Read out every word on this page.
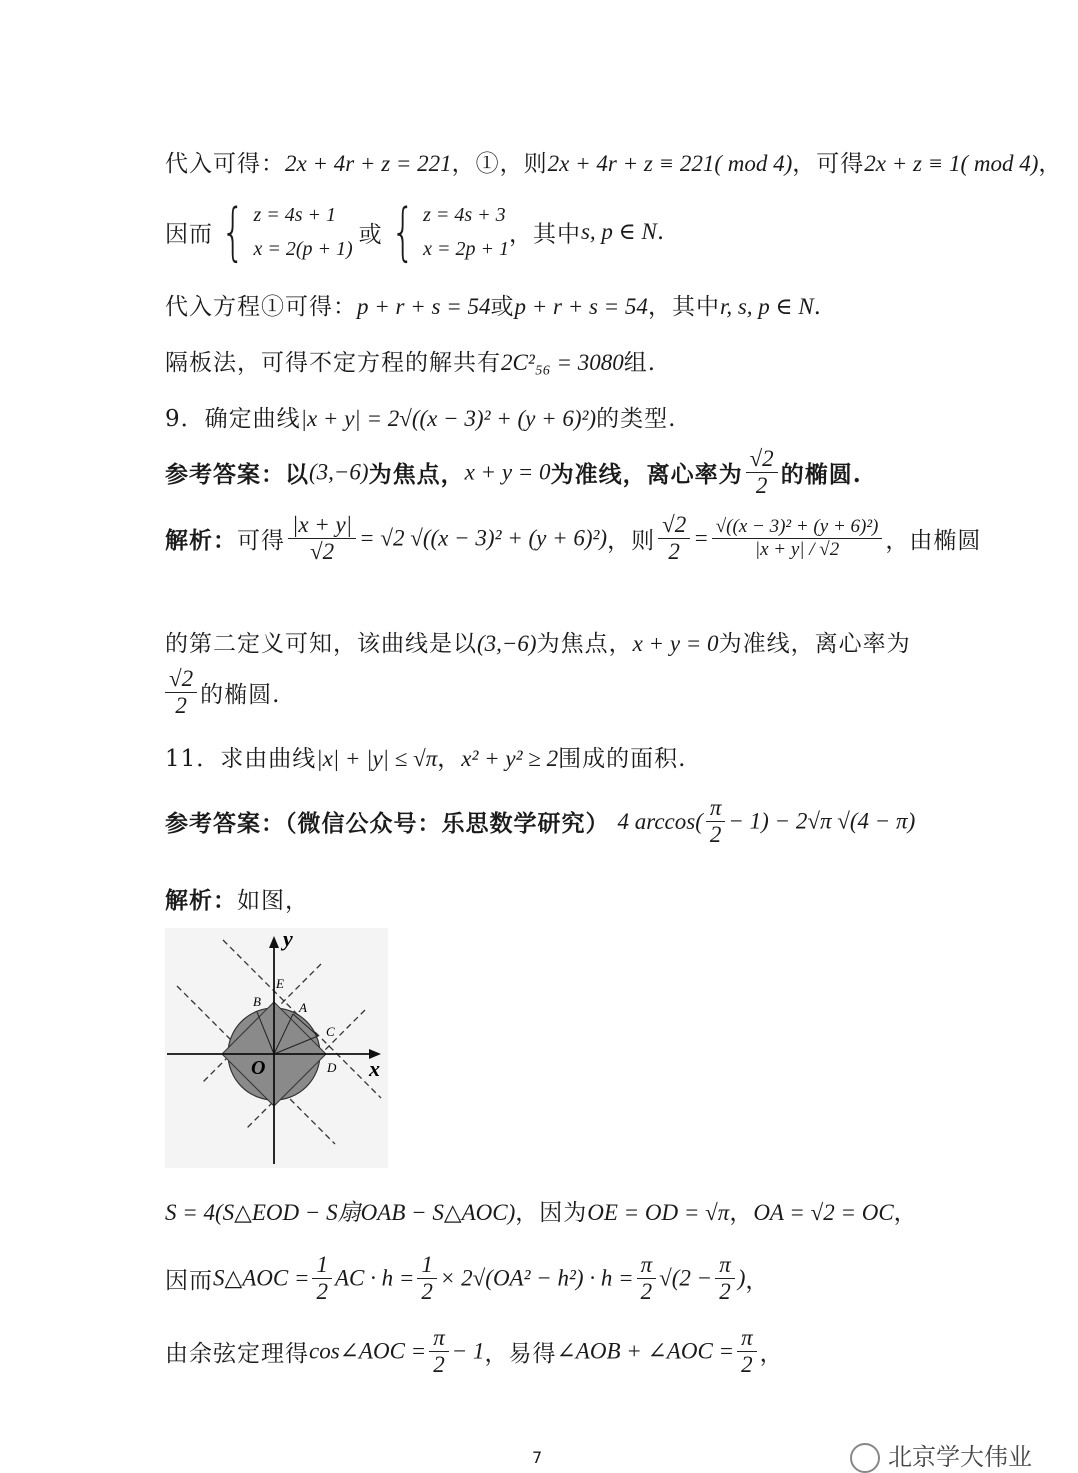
代入可得：2x + 4r + z = 221，①，则2x + 4r + z ≡ 221( mod 4)，可得2x + z ≡ 1( mod 4)，
因而 { z = 4s + 1
x = 2(p + 1)
或 { z = 4s + 3
x = 2p + 1
，其中s, p ∈ N.
代入方程①可得：p + r + s = 54或p + r + s = 54，其中r, s, p ∈ N.
隔板法，可得不定方程的解共有2C²₅₆ = 3080组.
9．确定曲线|x + y| = 2√((x − 3)² + (y + 6)²)的类型.
参考答案：以(3,−6)为焦点，x + y = 0为准线，离心率为 $\frac{√2}{2}$ 的椭圆.
解析：可得 $\frac{|x + y|}{√2} = √2$ √((x − 3)² + (y + 6)²)，则 $\frac{√2}{2} = \frac{\text{√((x − 3)² + (y + 6)²)}}{|x + y| / √2}$ ，由椭圆
的第二定义可知，该曲线是以(3,−6)为焦点，x + y = 0为准线，离心率为
$\frac{√2}{2}$ 的椭圆.
11．求由曲线|x| + |y| ≤ √π，x² + y² ≥ 2围成的面积.
参考答案：（微信公众号：乐思数学研究） 4 $\arccos( \frac{\pi}{2} - 1) - 2√\pi$ √(4 − π)
解析：如图，
x
y
O
A
B
C
D
E
S = 4(S△EOD − S扇OAB − S△AOC)，因为OE = OD = √π，OA = √2 = OC，
因而S△AOC = $\frac{1}{2}$ AC · $h = \frac{1}{2} \times 2√(OA^2 - h^2) \cdot h = \frac{\pi}{2} √(2 - \frac{\pi}{2}$ )，
由余弦定理得cos∠AOC = $\frac{\pi}{2} - 1$，易得∠AOB + ∠AOC = $\frac{\pi}{2}$ ，
7	北京学大伟业
